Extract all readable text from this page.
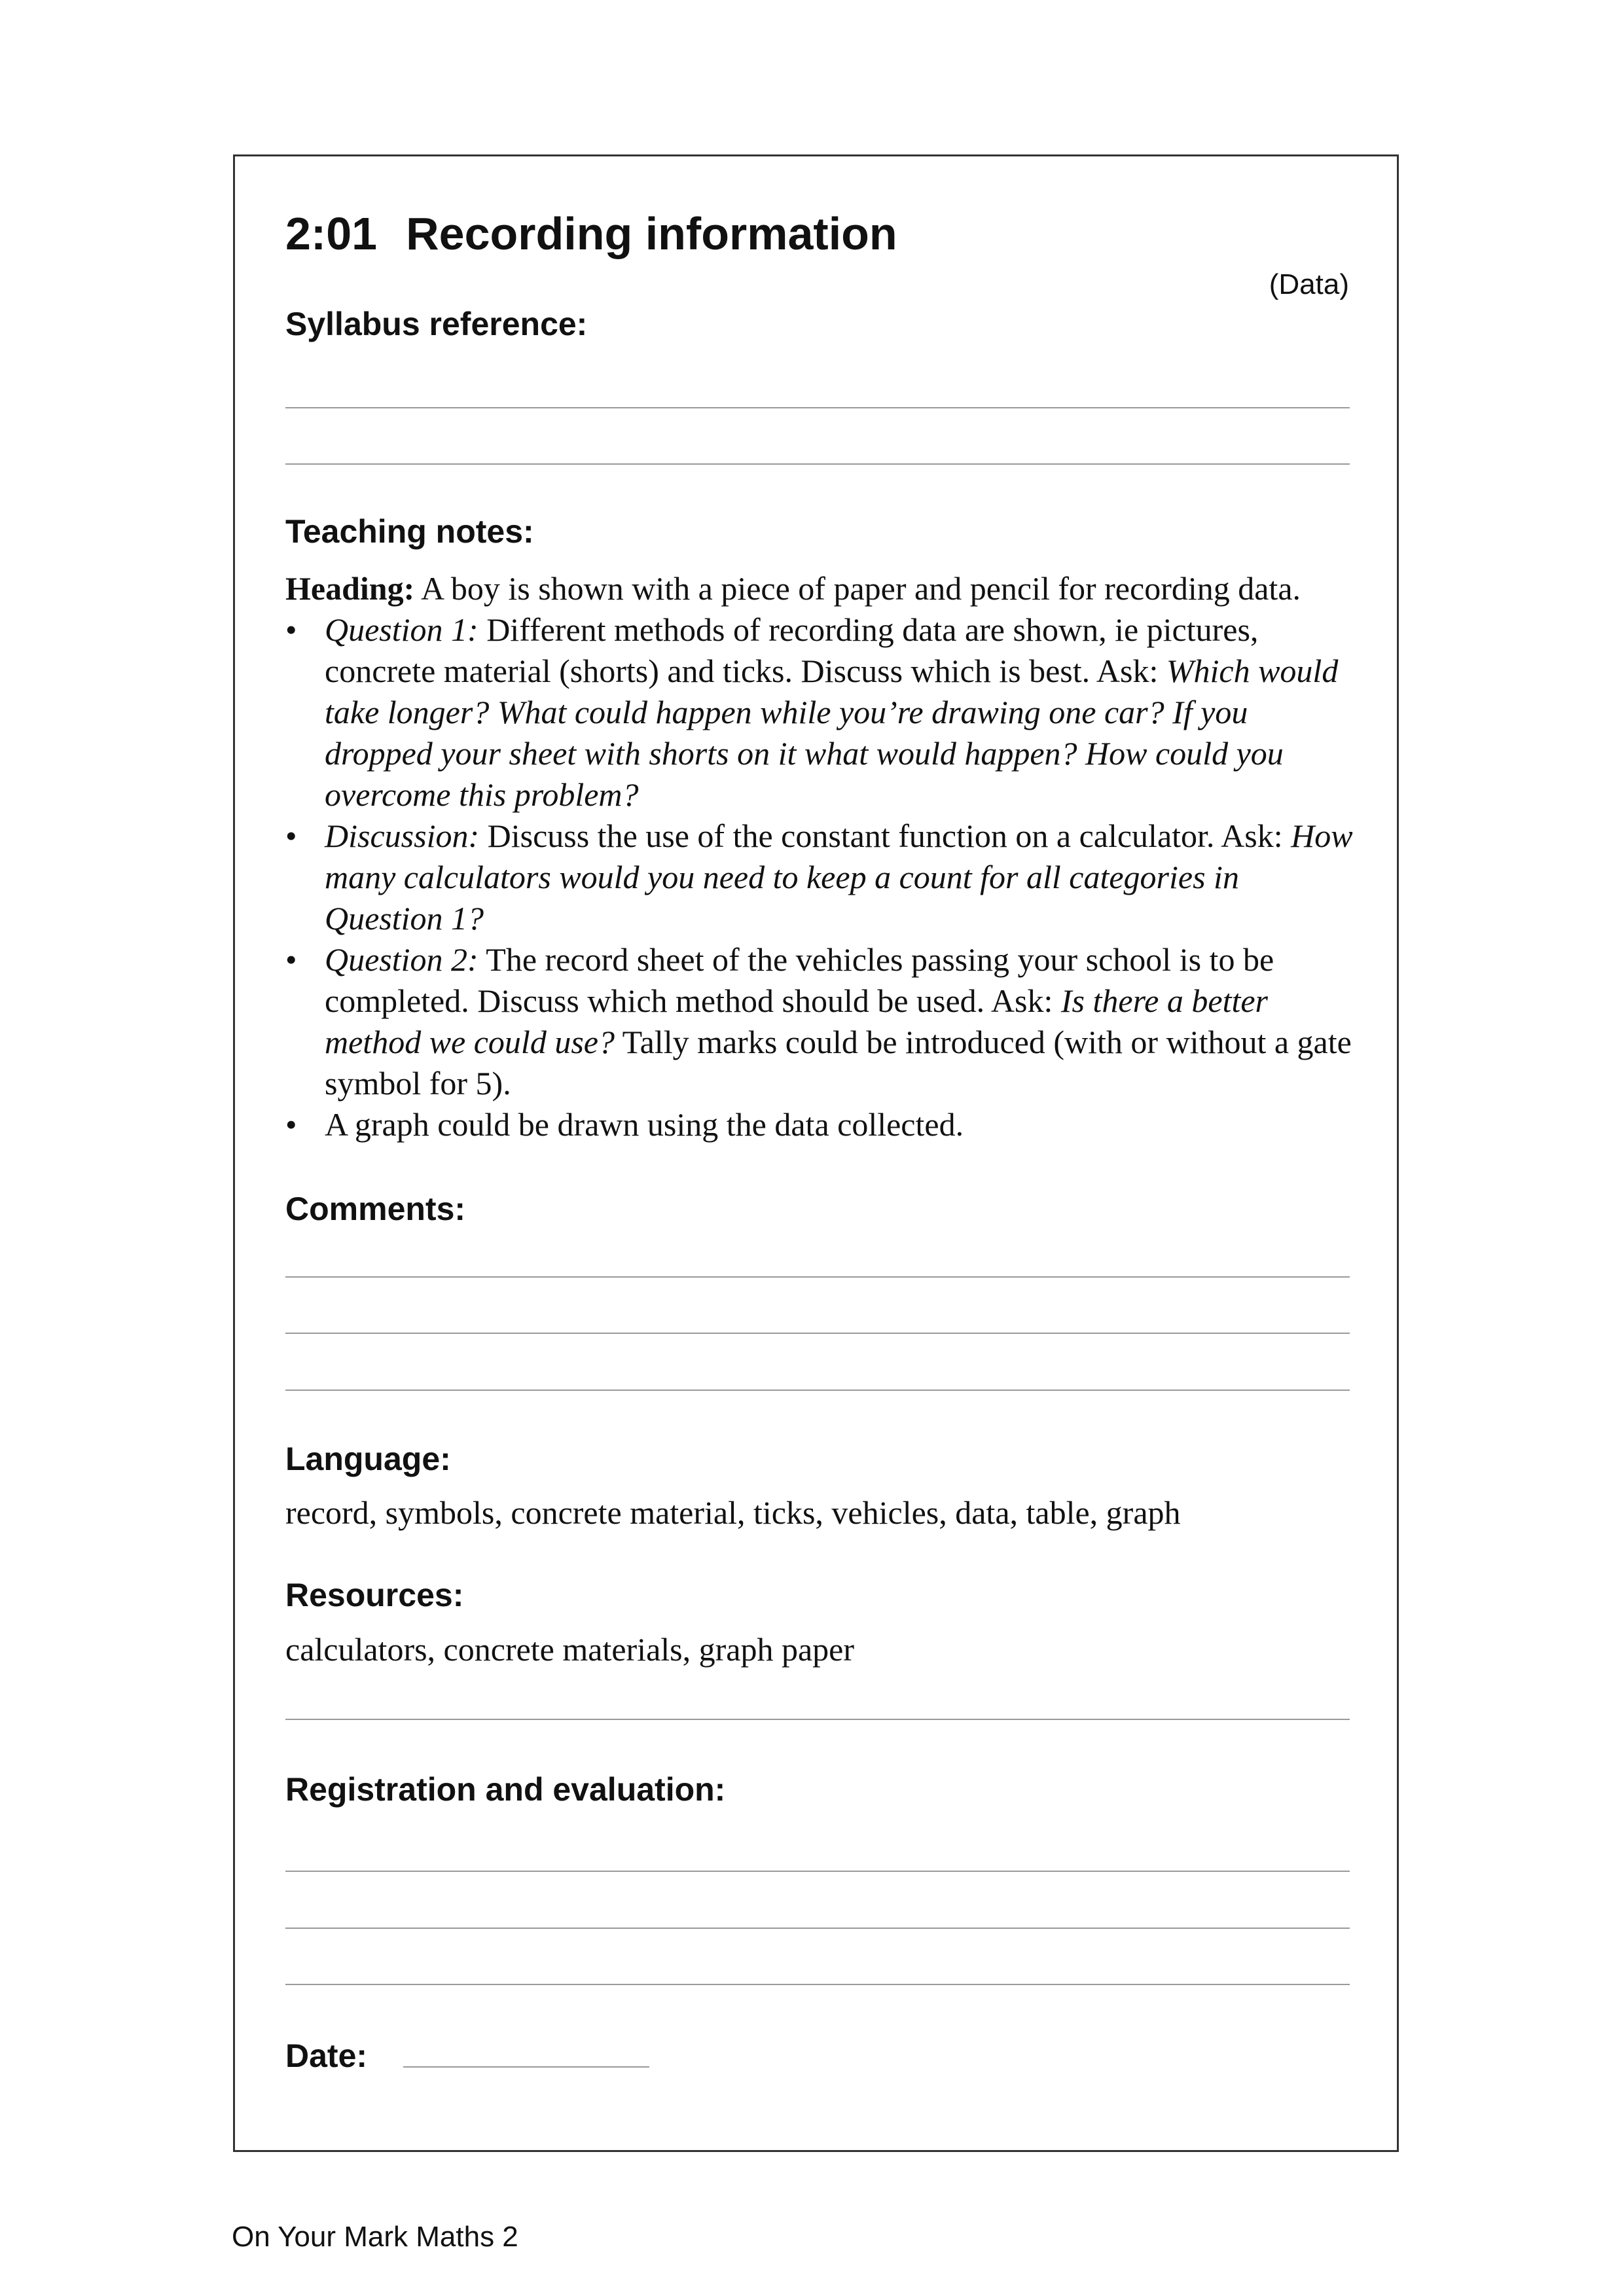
2:01 Recording information
(Data)
Syllabus reference:
Teaching notes:

Heading: A boy is shown with a piece of paper and pencil for recording data.

• Question 1: Different methods of recording data are shown, ie pictures, concrete material (shorts) and ticks. Discuss which is best. Ask: Which would take longer? What could happen while you’re drawing one car? If you dropped your sheet with shorts on it what would happen? How could you overcome this problem?
• Discussion: Discuss the use of the constant function on a calculator. Ask: How many calculators would you need to keep a count for all categories in Question 1?
• Question 2: The record sheet of the vehicles passing your school is to be completed. Discuss which method should be used. Ask: Is there a better method we could use? Tally marks could be introduced (with or without a gate symbol for 5).
• A graph could be drawn using the data collected.
Comments:
Language:
record, symbols, concrete material, ticks, vehicles, data, table, graph
Resources:
calculators, concrete materials, graph paper
Registration and evaluation:
Date:
On Your Mark Maths 2
